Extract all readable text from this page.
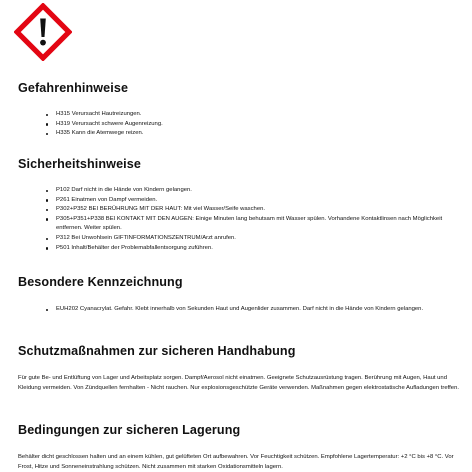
Gefahrenhinweise
H315 Verursacht Hautreizungen.
H319 Verursacht schwere Augenreizung.
H335 Kann die Atemwege reizen.
Sicherheitshinweise
P102 Darf nicht in die Hände von Kindern gelangen.
P261 Einatmen von Dampf vermeiden.
P302+P352 BEI BERÜHRUNG MIT DER HAUT: Mit viel Wasser/Seife waschen.
P305+P351+P338 BEI KONTAKT MIT DEN AUGEN: Einige Minuten lang behutsam mit Wasser spülen. Vorhandene Kontaktlinsen nach Möglichkeit entfernen. Weiter spülen.
P312 Bei Unwohlsein GIFTINFORMATIONSZENTRUM/Arzt anrufen.
P501 Inhalt/Behälter der Problemabfallentsorgung zuführen.
Besondere Kennzeichnung
EUH202 Cyanacrylat. Gefahr. Klebt innerhalb von Sekunden Haut und Augenlider zusammen. Darf nicht in die Hände von Kindern gelangen.
Schutzmaßnahmen zur sicheren Handhabung

Für gute Be- und Entlüftung von Lager und Arbeitsplatz sorgen. Dampf/Aerosol nicht einatmen. Geeignete Schutzausrüstung tragen. Berührung mit Augen, Haut und Kleidung vermeiden. Von Zündquellen fernhalten - Nicht rauchen. Nur explosionsgeschützte Geräte verwenden. Maßnahmen gegen elektrostatische Aufladungen treffen.

Bedingungen zur sicheren Lagerung

Behälter dicht geschlossen halten und an einem kühlen, gut gelüfteten Ort aufbewahren. Vor Feuchtigkeit schützen. Empfohlene Lagertemperatur: +2 °C bis +8 °C. Vor Frost, Hitze und Sonneneinstrahlung schützen. Nicht zusammen mit starken Oxidationsmitteln lagern.
